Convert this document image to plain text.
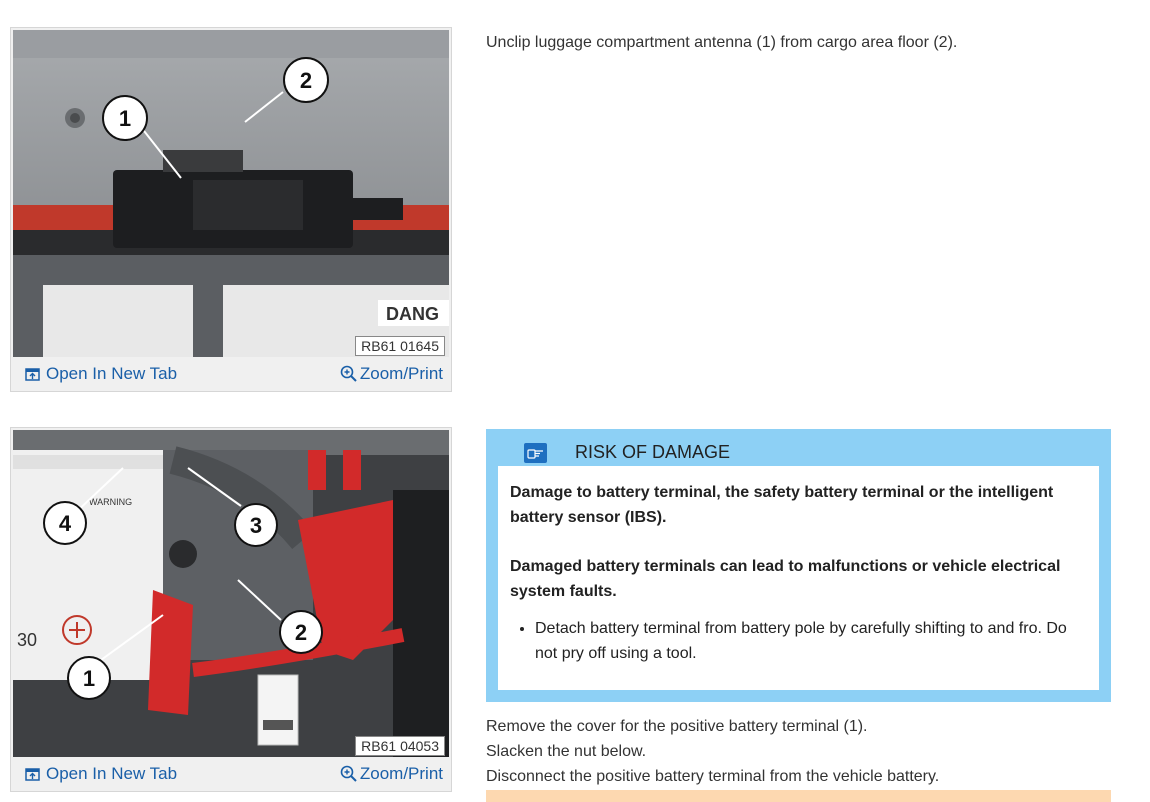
DANG
1
2
RB61 01645
Open In New Tab	Zoom/Print
Unclip luggage compartment antenna (1) from cargo area floor (2).
WARNING
30
4	3
2
1
RB61 04053
Open In New Tab	Zoom/Print
RISK OF DAMAGE
Damage to battery terminal, the safety battery terminal or the intelligent battery sensor (IBS).
Damaged battery terminals can lead to malfunctions or vehicle electrical system faults.
• Detach battery terminal from battery pole by carefully shifting to and fro. Do not pry off using a tool.
Remove the cover for the positive battery terminal (1).
Slacken the nut below.
Disconnect the positive battery terminal from the vehicle battery.
